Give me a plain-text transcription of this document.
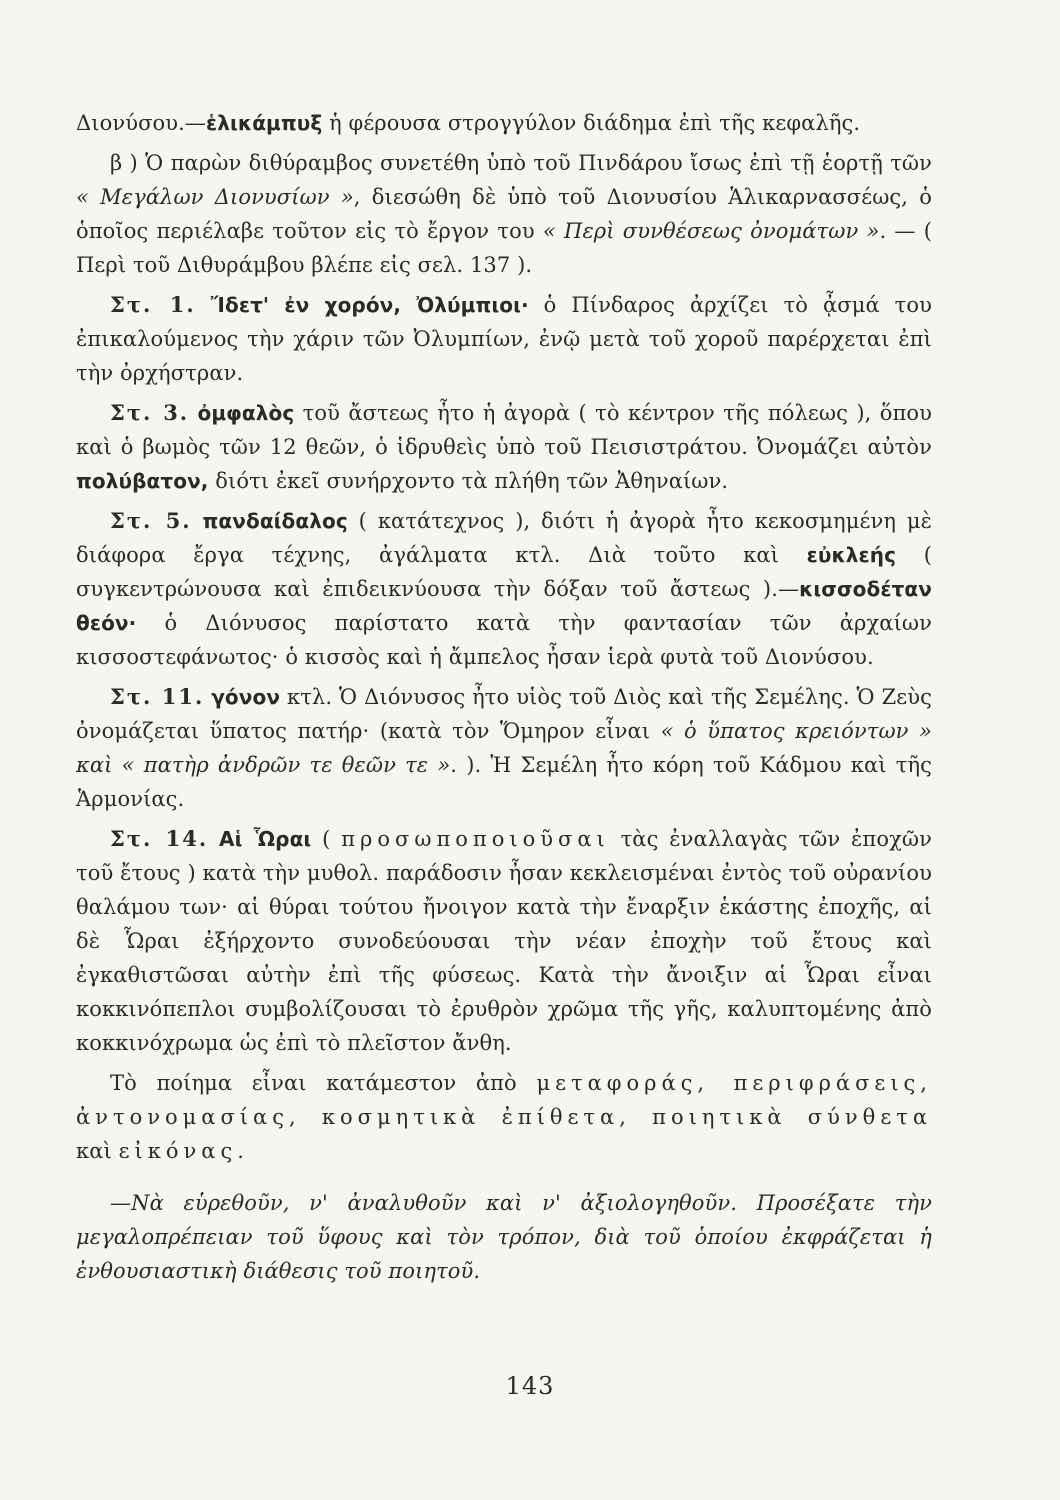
Διονύσου.—ἑλικάμπυξ ἡ φέρουσα στρογγύλον διάδημα ἐπὶ τῆς κεφαλῆς.

β ) Ὁ παρὼν διθύραμβος συνετέθη ὑπὸ τοῦ Πινδάρου ἴσως ἐπὶ τῇ ἑορτῇ τῶν « Μεγάλων Διονυσίων », διεσώθη δὲ ὑπὸ τοῦ Διονυσίου Ἁλικαρνασσέως, ὁ ὁποῖος περιέλαβε τοῦτον εἰς τὸ ἔργον του « Περὶ συνθέσεως ὀνομάτων ». — ( Περὶ τοῦ Διθυράμβου βλέπε εἰς σελ. 137 ).

Στ. 1. Ἴδετ' ἐν χορόν, Ὀλύμπιοι· ὁ Πίνδαρος ἀρχίζει τὸ ᾆσμά του ἐπικαλούμενος τὴν χάριν τῶν Ὀλυμπίων, ἐνῷ μετὰ τοῦ χοροῦ παρέρχεται ἐπὶ τὴν ὀρχήστραν.

Στ. 3. ὀμφαλὸς τοῦ ἄστεως ἦτο ἡ ἀγορὰ ( τὸ κέντρον τῆς πόλεως ), ὅπου καὶ ὁ βωμὸς τῶν 12 θεῶν, ὁ ἱδρυθεὶς ὑπὸ τοῦ Πεισιστράτου. Ὀνομάζει αὐτὸν πολύβατον, διότι ἐκεῖ συνήρχοντο τὰ πλήθη τῶν Ἀθηναίων.

Στ. 5. πανδαίδαλος ( κατάτεχνος ), διότι ἡ ἀγορὰ ἦτο κεκοσμημένη μὲ διάφορα ἔργα τέχνης, ἀγάλματα κτλ. Διὰ τοῦτο καὶ εὐκλεής ( συγκεντρώνουσα καὶ ἐπιδεικνύουσα τὴν δόξαν τοῦ ἄστεως ).—κισσοδέταν θεόν· ὁ Διόνυσος παρίστατο κατὰ τὴν φαντασίαν τῶν ἀρχαίων κισσοστεφάνωτος· ὁ κισσὸς καὶ ἡ ἄμπελος ἦσαν ἱερὰ φυτὰ τοῦ Διονύσου.

Στ. 11. γόνον κτλ. Ὁ Διόνυσος ἦτο υἱὸς τοῦ Διὸς καὶ τῆς Σεμέλης. Ὁ Ζεὺς ὀνομάζεται ὕπατος πατήρ· (κατὰ τὸν Ὅμηρον εἶναι « ὁ ὕπατος κρειόντων » καὶ « πατὴρ ἀνδρῶν τε θεῶν τε ». ). Ἡ Σεμέλη ἦτο κόρη τοῦ Κάδμου καὶ τῆς Ἁρμονίας.

Στ. 14. Αἱ Ὧραι ( προσωποποιοῦσαι τὰς ἐναλλαγὰς τῶν ἐποχῶν τοῦ ἔτους ) κατὰ τὴν μυθολ. παράδοσιν ἦσαν κεκλεισμέναι ἐντὸς τοῦ οὐρανίου θαλάμου των· αἱ θύραι τούτου ἤνοιγον κατὰ τὴν ἔναρξιν ἑκάστης ἐποχῆς, αἱ δὲ Ὧραι ἐξήρχοντο συνοδεύουσαι τὴν νέαν ἐποχὴν τοῦ ἔτους καὶ ἐγκαθιστῶσαι αὐτὴν ἐπὶ τῆς φύσεως. Κατὰ τὴν ἄνοιξιν αἱ Ὧραι εἶναι κοκκινόπεπλοι συμβολίζουσαι τὸ ἐρυθρὸν χρῶμα τῆς γῆς, καλυπτομένης ἀπὸ κοκκινόχρωμα ὡς ἐπὶ τὸ πλεῖστον ἄνθη.

Τὸ ποίημα εἶναι κατάμεστον ἀπὸ μεταφοράς, περιφράσεις, ἀντονομασίας, κοσμητικὰ ἐπίθετα, ποιητικὰ σύνθετα καὶ εἰκόνας.

—Νὰ εὑρεθοῦν, ν' ἀναλυθοῦν καὶ ν' ἀξιολογηθοῦν. Προσέξατε τὴν μεγαλοπρέπειαν τοῦ ὕφους καὶ τὸν τρόπον, διὰ τοῦ ὁποίου ἐκφράζεται ἡ ἐνθουσιαστικὴ διάθεσις τοῦ ποιητοῦ.

143
